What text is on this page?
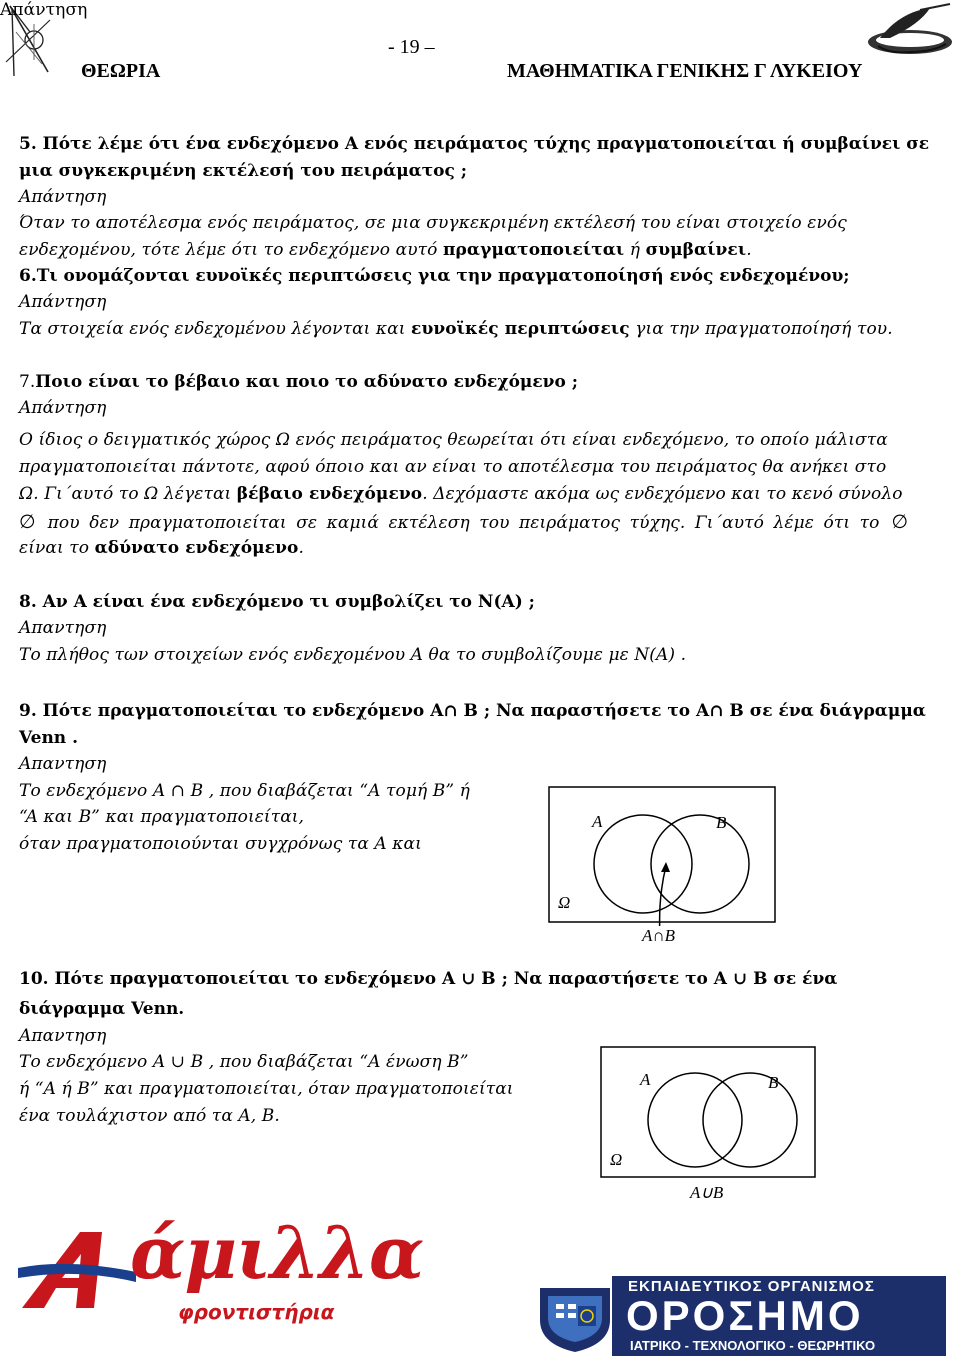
- 19 –
ΘΕΩΡΙΑ	ΜΑΘΗΜΑΤΙΚΑ ΓΕΝΙΚΗΣ Γ ΛΥΚΕΙΟΥ
5. Πότε λέμε ότι ένα ενδεχόμενο A ενός πειράματος τύχης πραγματοποιείται ή συμβαίνει σε
μια συγκεκριμένη εκτέλεσή του πειράματος ;
Απάντηση
Απάντηση
Όταν το αποτέλεσμα ενός πειράματος, σε μια συγκεκριμένη εκτέλεσή του είναι στοιχείο ενός
ενδεχομένου, τότε λέμε ότι το ενδεχόμενο αυτό πραγματοποιείται ή συμβαίνει.
6.Τι ονομάζονται ευνοϊκές περιπτώσεις για την πραγματοποίησή ενός ενδεχομένου;
Απάντηση
Τα στοιχεία ενός ενδεχομένου λέγονται και ευνοϊκές περιπτώσεις για την πραγματοποίησή του.
7.Ποιο είναι το βέβαιο και ποιο το αδύνατο ενδεχόμενο ;
Απάντηση
Ο ίδιος ο δειγματικός χώρος Ω ενός πειράματος θεωρείται ότι είναι ενδεχόμενο, το οποίο μάλιστα
πραγματοποιείται πάντοτε, αφού όποιο και αν είναι το αποτέλεσμα του πειράματος θα ανήκει στο
Ω. Γι΄αυτό το Ω λέγεται βέβαιο ενδεχόμενο. Δεχόμαστε ακόμα ως ενδεχόμενο και το κενό σύνολο
∅ που δεν πραγματοποιείται σε καμιά εκτέλεση του πειράματος τύχης. Γι΄αυτό λέμε ότι το ∅
είναι το αδύνατο ενδεχόμενο.
8. Αν A είναι ένα ενδεχόμενο τι συμβολίζει το N(A) ;
Απαντηση
Το πλήθος των στοιχείων ενός ενδεχομένου A θα το συμβολίζουμε με N(A) .
9. Πότε πραγματοποιείται το ενδεχόμενο A∩ B ; Να παραστήσετε το A∩ B σε ένα διάγραμμα
Venn .
Απαντηση
Το ενδεχόμενο A ∩ B , που διαβάζεται “A τομή B” ή
“A και B” και πραγματοποιείται,
όταν πραγματοποιούνται συγχρόνως τα A και
A	B
Ω
A∩B
10. Πότε πραγματοποιείται το ενδεχόμενο A ∪ B ; Να παραστήσετε το A ∪ B σε ένα
διάγραμμα Venn.
Απαντηση
Το ενδεχόμενο A ∪ B , που διαβάζεται “A ένωση B”
ή “A ή B” και πραγματοποιείται, όταν πραγματοποιείται
ένα τουλάχιστον από τα A, B.
A	B
Ω
A∪B
άμιλλα
φροντιστήρια
ΕΚΠΑΙΔΕΥΤΙΚΟΣ ΟΡΓΑΝΙΣΜΟΣ
ΟΡΟΣΗΜΟ
ΙΑΤΡΙΚΟ - ΤΕΧΝΟΛΟΓΙΚΟ - ΘΕΩΡΗΤΙΚΟ
